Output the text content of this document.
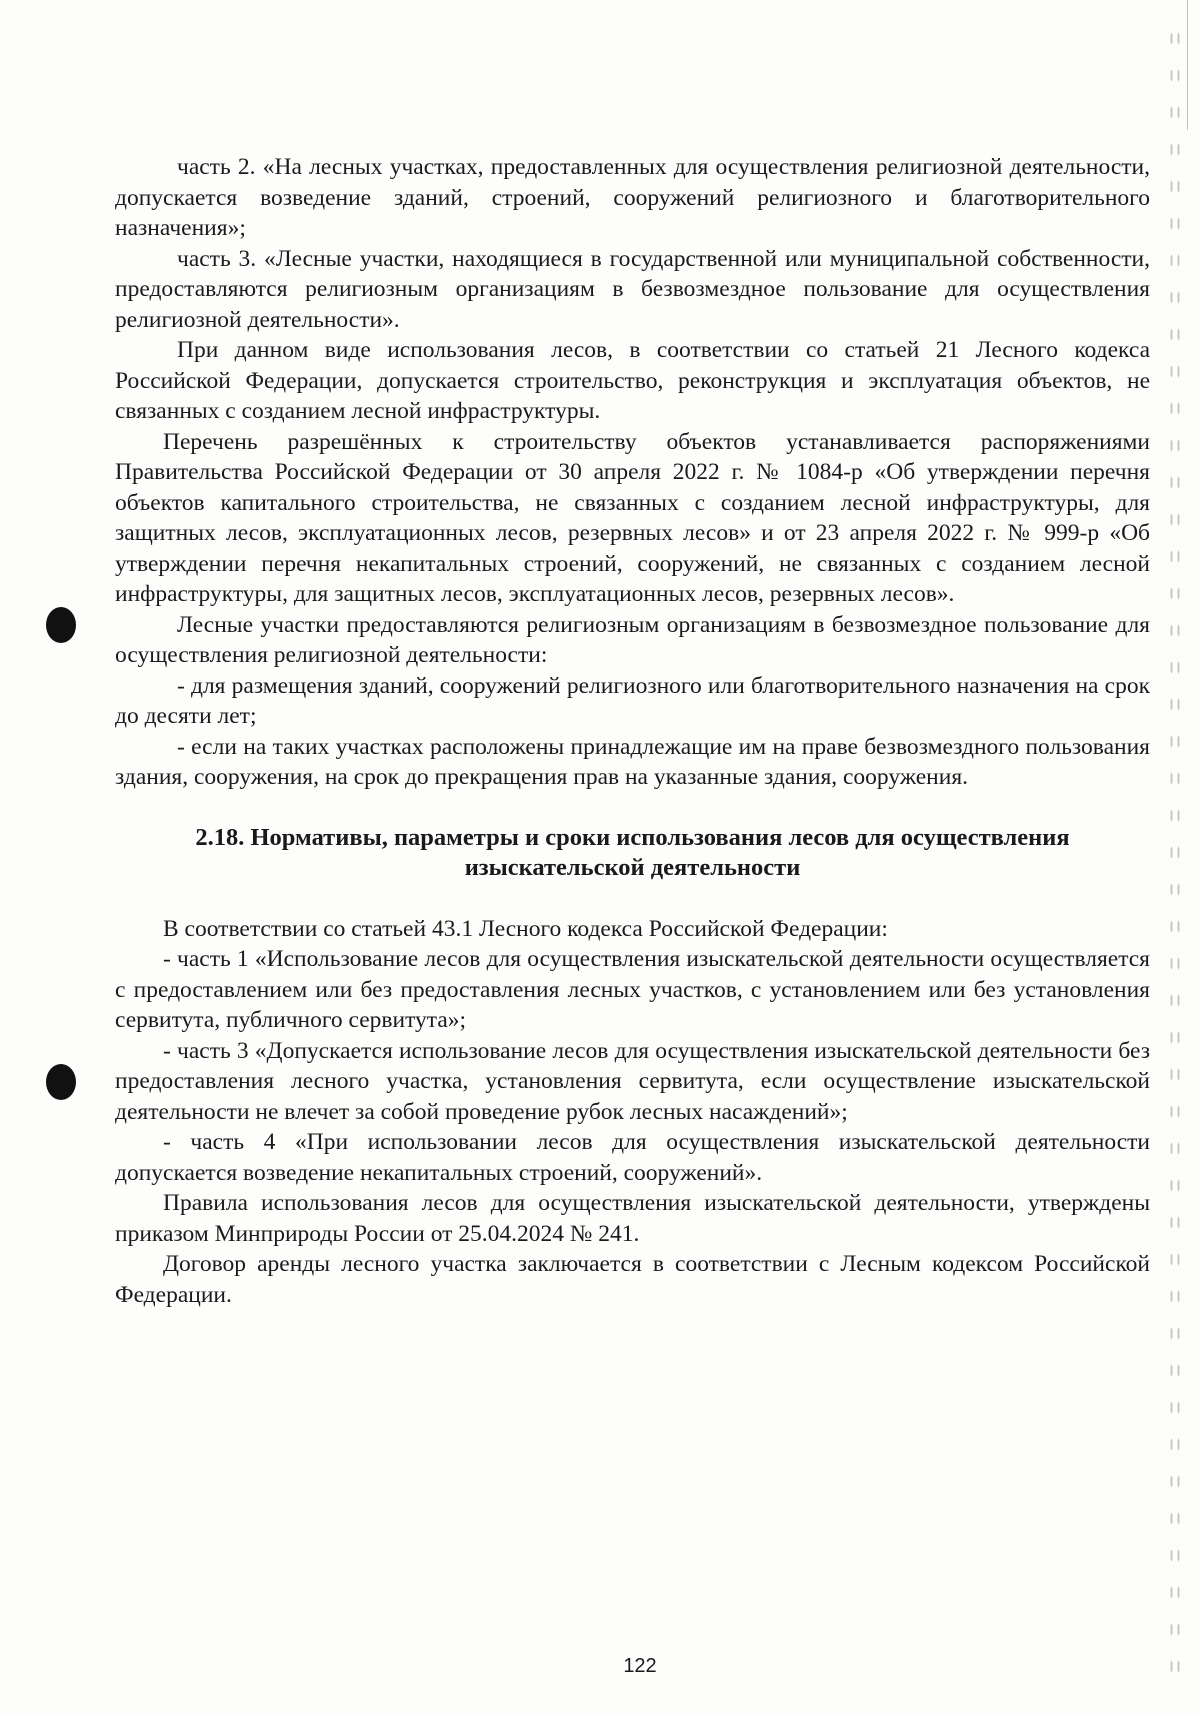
часть 2. «На лесных участках, предоставленных для осуществления религиозной деятельности, допускается возведение зданий, строений, сооружений религиозного и благотворительного назначения»;

часть 3. «Лесные участки, находящиеся в государственной или муниципальной собственности, предоставляются религиозным организациям в безвозмездное пользование для осуществления религиозной деятельности».

При данном виде использования лесов, в соответствии со статьей 21 Лесного кодекса Российской Федерации, допускается строительство, реконструкция и эксплуатация объектов, не связанных с созданием лесной инфраструктуры.

Перечень разрешённых к строительству объектов устанавливается распоряжениями Правительства Российской Федерации от 30 апреля 2022 г. № 1084-р «Об утверждении перечня объектов капитального строительства, не связанных с созданием лесной инфраструктуры, для защитных лесов, эксплуатационных лесов, резервных лесов» и от 23 апреля 2022 г. № 999-р «Об утверждении перечня некапитальных строений, сооружений, не связанных с созданием лесной инфраструктуры, для защитных лесов, эксплуатационных лесов, резервных лесов».

Лесные участки предоставляются религиозным организациям в безвозмездное пользование для осуществления религиозной деятельности:

- для размещения зданий, сооружений религиозного или благотворительного назначения на срок до десяти лет;

- если на таких участках расположены принадлежащие им на праве безвозмездного пользования здания, сооружения, на срок до прекращения прав на указанные здания, сооружения.

2.18. Нормативы, параметры и сроки использования лесов для осуществления изыскательской деятельности

В соответствии со статьей 43.1 Лесного кодекса Российской Федерации:

- часть 1 «Использование лесов для осуществления изыскательской деятельности осуществляется с предоставлением или без предоставления лесных участков, с установлением или без установления сервитута, публичного сервитута»;

- часть 3 «Допускается использование лесов для осуществления изыскательской деятельности без предоставления лесного участка, установления сервитута, если осуществление изыскательской деятельности не влечет за собой проведение рубок лесных насаждений»;

- часть 4 «При использовании лесов для осуществления изыскательской деятельности допускается возведение некапитальных строений, сооружений».

Правила использования лесов для осуществления изыскательской деятельности, утверждены приказом Минприроды России от 25.04.2024 № 241.

Договор аренды лесного участка заключается в соответствии с Лесным кодексом Российской Федерации.

122
